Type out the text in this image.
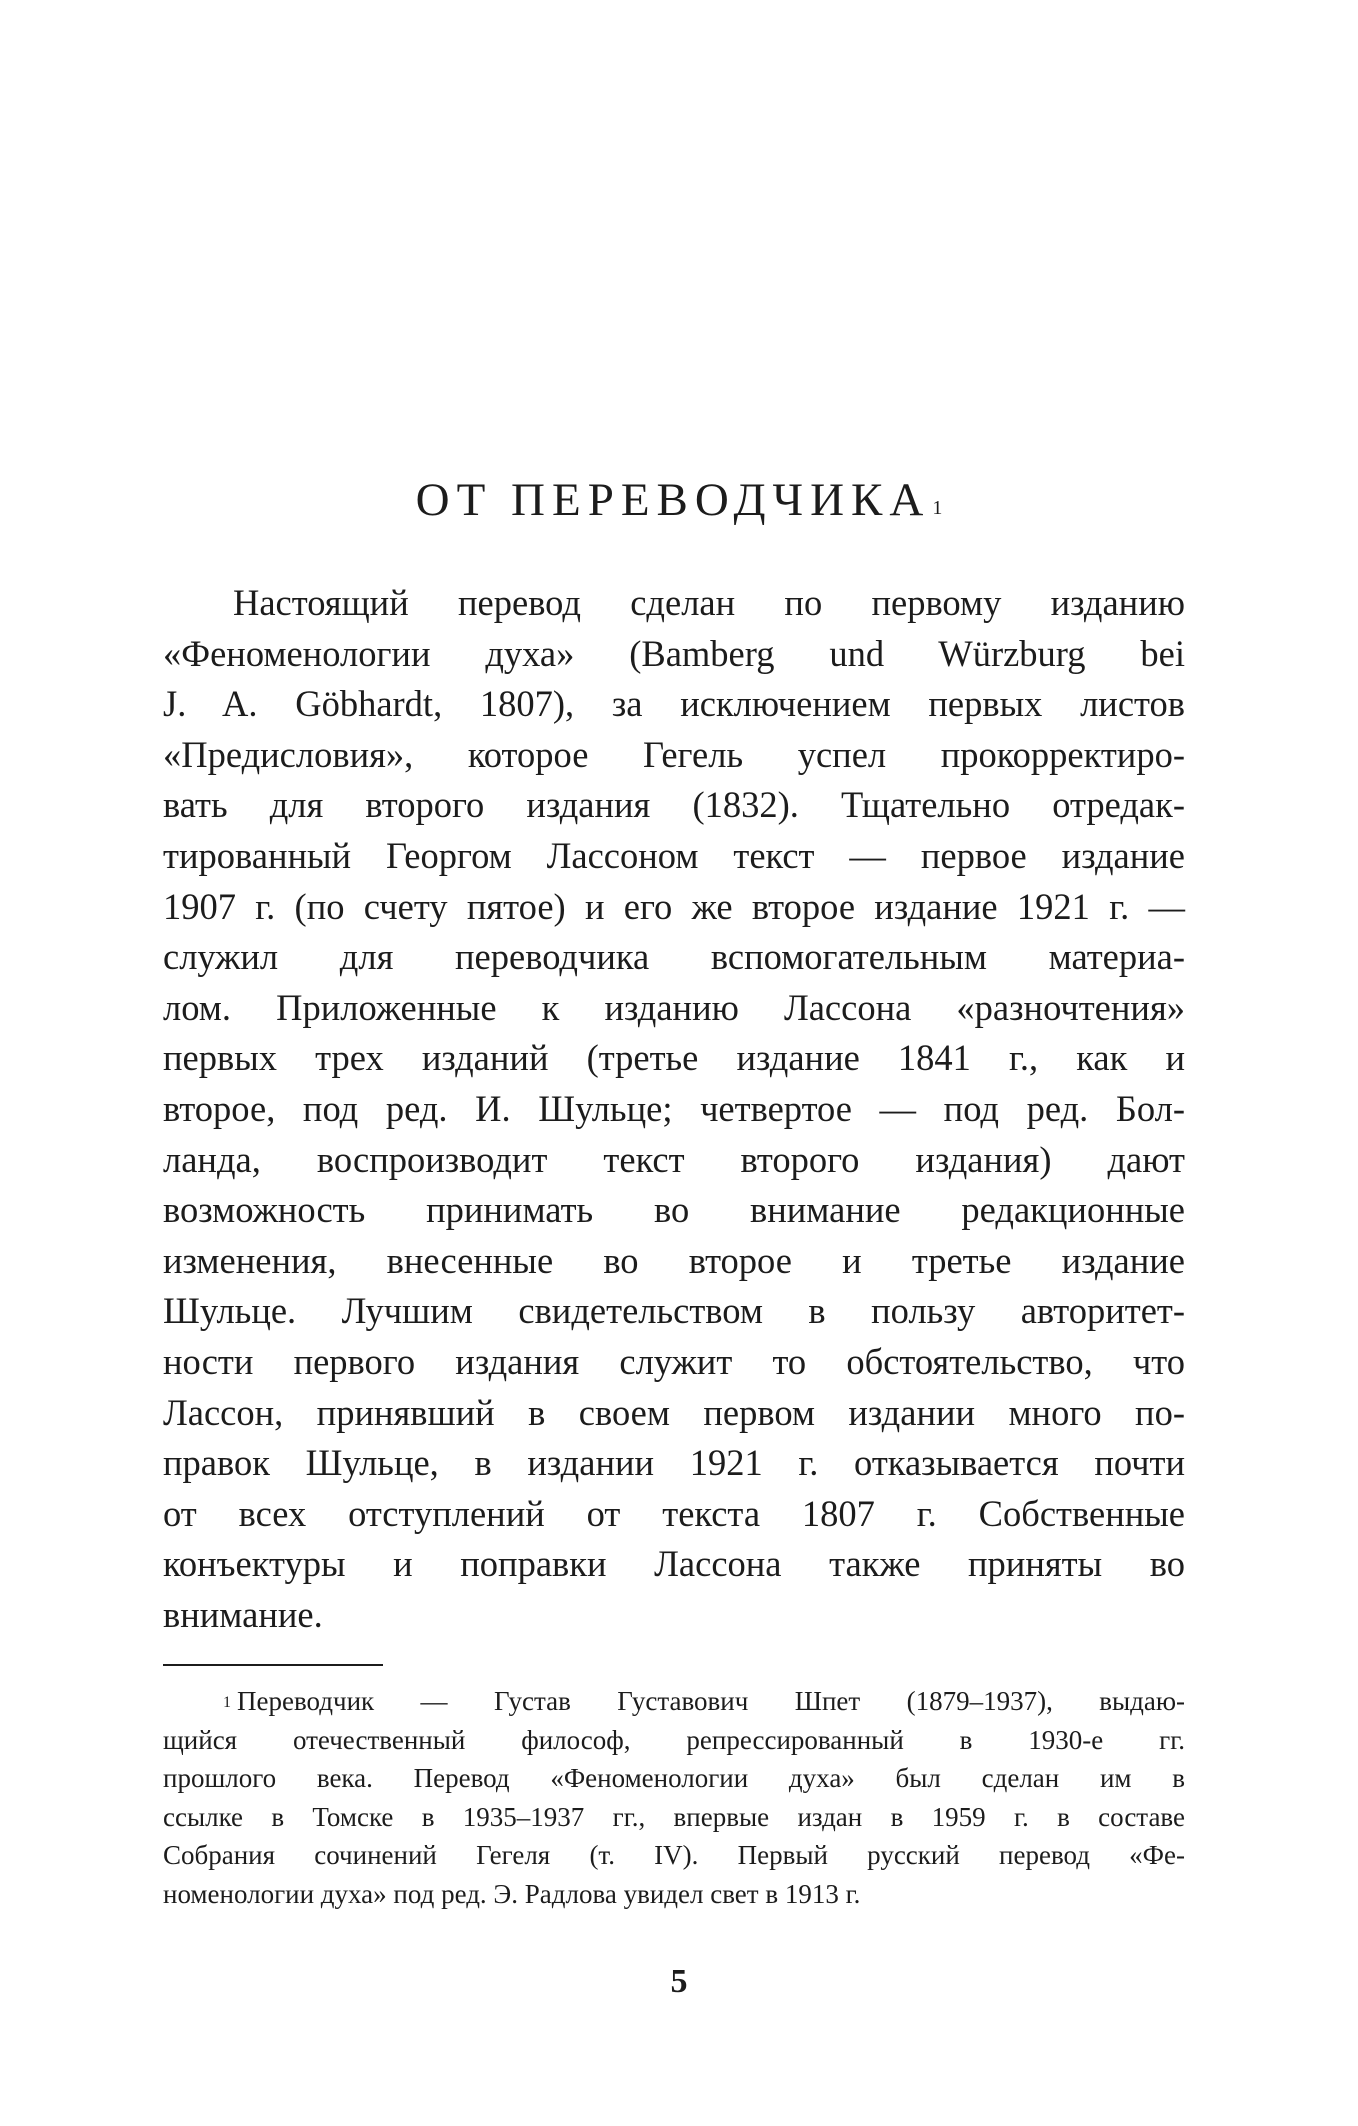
ОТ ПЕРЕВОДЧИКА $^1$
Настоящий перевод сделан по первому изданию
«Феноменологии духа» (Bamberg und Würzburg bei
J. A. Göbhardt, 1807), за исключением первых листов
«Предисловия», которое Гегель успел прокорректиро-
вать для второго издания (1832). Тщательно отредак-
тированный Георгом Лассоном текст — первое издание
1907 г. (по счету пятое) и его же второе издание 1921 г. —
служил для переводчика вспомогательным материа-
лом. Приложенные к изданию Лассона «разночтения»
первых трех изданий (третье издание 1841 г., как и
второе, под ред. И. Шульце; четвертое — под ред. Бол-
ланда, воспроизводит текст второго издания) дают
возможность принимать во внимание редакционные
изменения, внесенные во второе и третье издание
Шульце. Лучшим свидетельством в пользу авторитет-
ности первого издания служит то обстоятельство, что
Лассон, принявший в своем первом издании много по-
правок Шульце, в издании 1921 г. отказывается почти
от всех отступлений от текста 1807 г. Собственные
конъектуры и поправки Лассона также приняты во
внимание.
$^1$ Переводчик — Густав Густавович Шпет (1879–1937), выдаю-
щийся отечественный философ, репрессированный в 1930-е гг.
прошлого века. Перевод «Феноменологии духа» был сделан им в
ссылке в Томске в 1935–1937 гг., впервые издан в 1959 г. в составе
Собрания сочинений Гегеля (т. IV). Первый русский перевод «Фе-
номенологии духа» под ред. Э. Радлова увидел свет в 1913 г.
5
